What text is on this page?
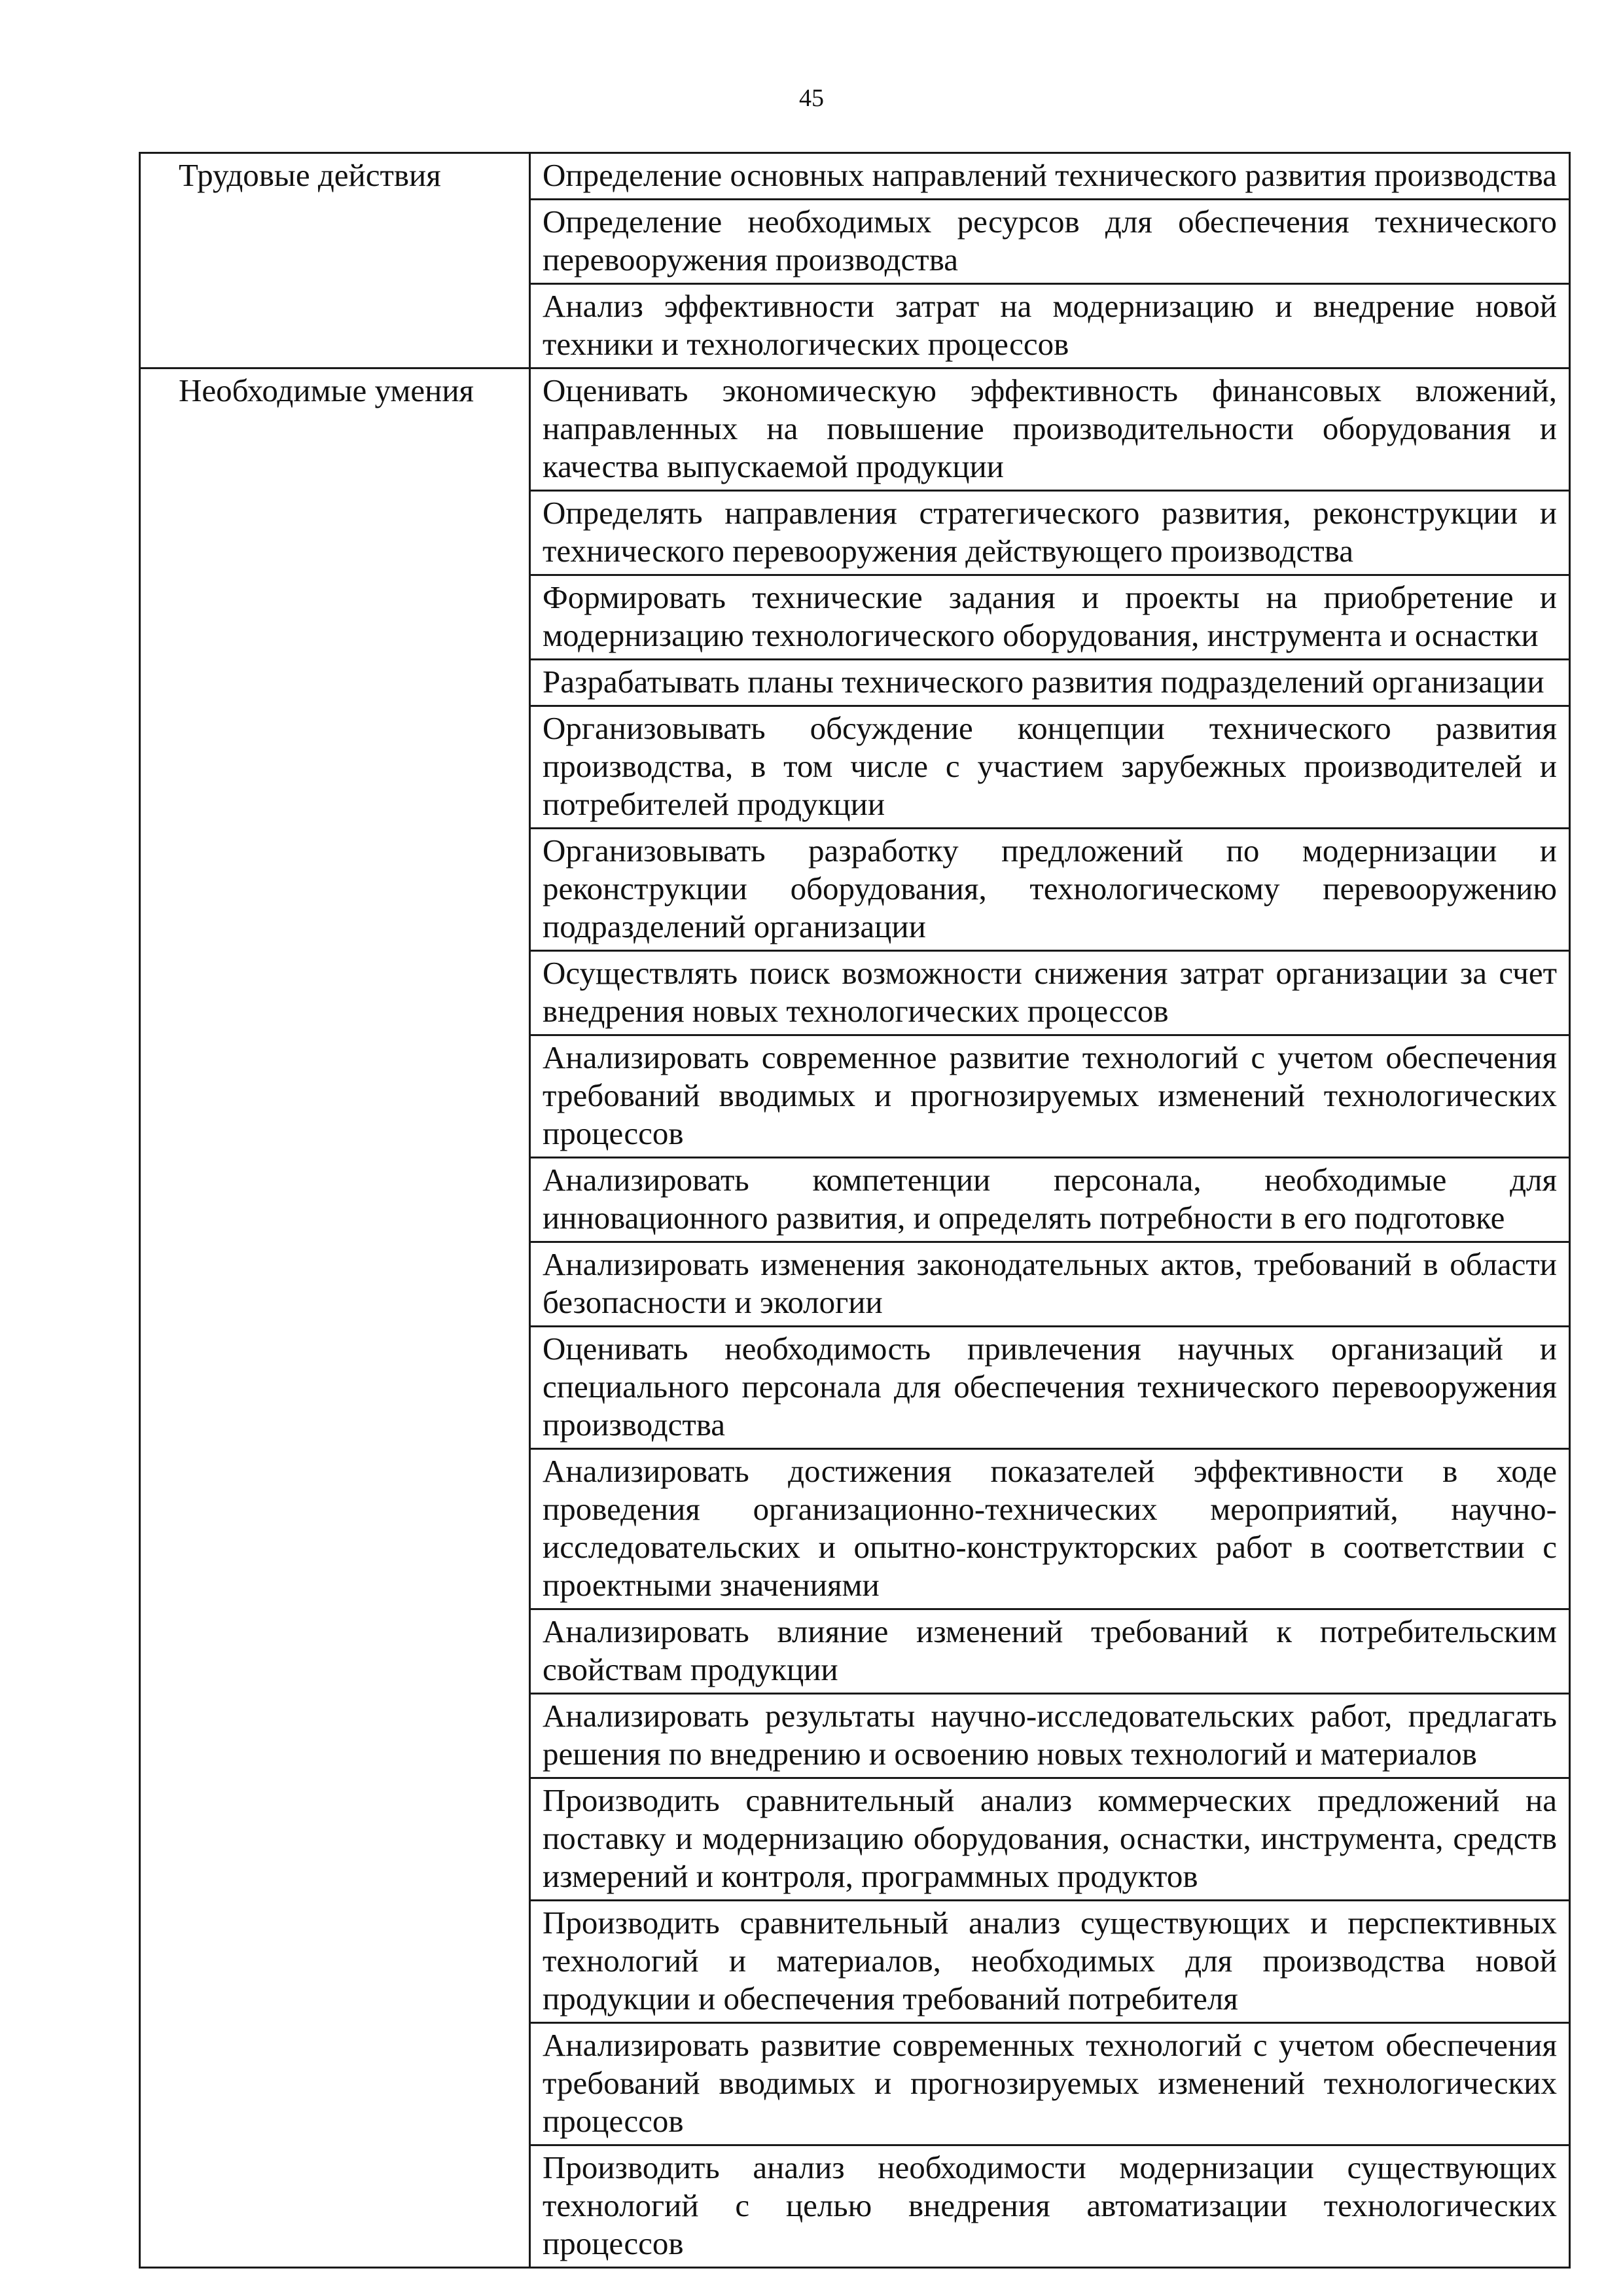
45
Трудовые действия	Определение основных направлений технического развития производства
	Определение необходимых ресурсов для обеспечения технического перевооружения производства
	Анализ эффективности затрат на модернизацию и внедрение новой техники и технологических процессов
Необходимые умения	Оценивать экономическую эффективность финансовых вложений, направленных на повышение производительности оборудования и качества выпускаемой продукции
	Определять направления стратегического развития, реконструкции и технического перевооружения действующего производства
	Формировать технические задания и проекты на приобретение и модернизацию технологического оборудования, инструмента и оснастки
	Разрабатывать планы технического развития подразделений организации
	Организовывать обсуждение концепции технического развития производства, в том числе с участием зарубежных производителей и потребителей продукции
	Организовывать разработку предложений по модернизации и реконструкции оборудования, технологическому перевооружению подразделений организации
	Осуществлять поиск возможности снижения затрат организации за счет внедрения новых технологических процессов
	Анализировать современное развитие технологий с учетом обеспечения требований вводимых и прогнозируемых изменений технологических процессов
	Анализировать компетенции персонала, необходимые для инновационного развития, и определять потребности в его подготовке
	Анализировать изменения законодательных актов, требований в области безопасности и экологии
	Оценивать необходимость привлечения научных организаций и специального персонала для обеспечения технического перевооружения производства
	Анализировать достижения показателей эффективности в ходе проведения организационно-технических мероприятий, научно-исследовательских и опытно-конструкторских работ в соответствии с проектными значениями
	Анализировать влияние изменений требований к потребительским свойствам продукции
	Анализировать результаты научно-исследовательских работ, предлагать решения по внедрению и освоению новых технологий и материалов
	Производить сравнительный анализ коммерческих предложений на поставку и модернизацию оборудования, оснастки, инструмента, средств измерений и контроля, программных продуктов
	Производить сравнительный анализ существующих и перспективных технологий и материалов, необходимых для производства новой продукции и обеспечения требований потребителя
	Анализировать развитие современных технологий с учетом обеспечения требований вводимых и прогнозируемых изменений технологических процессов
	Производить анализ необходимости модернизации существующих технологий с целью внедрения автоматизации технологических процессов
